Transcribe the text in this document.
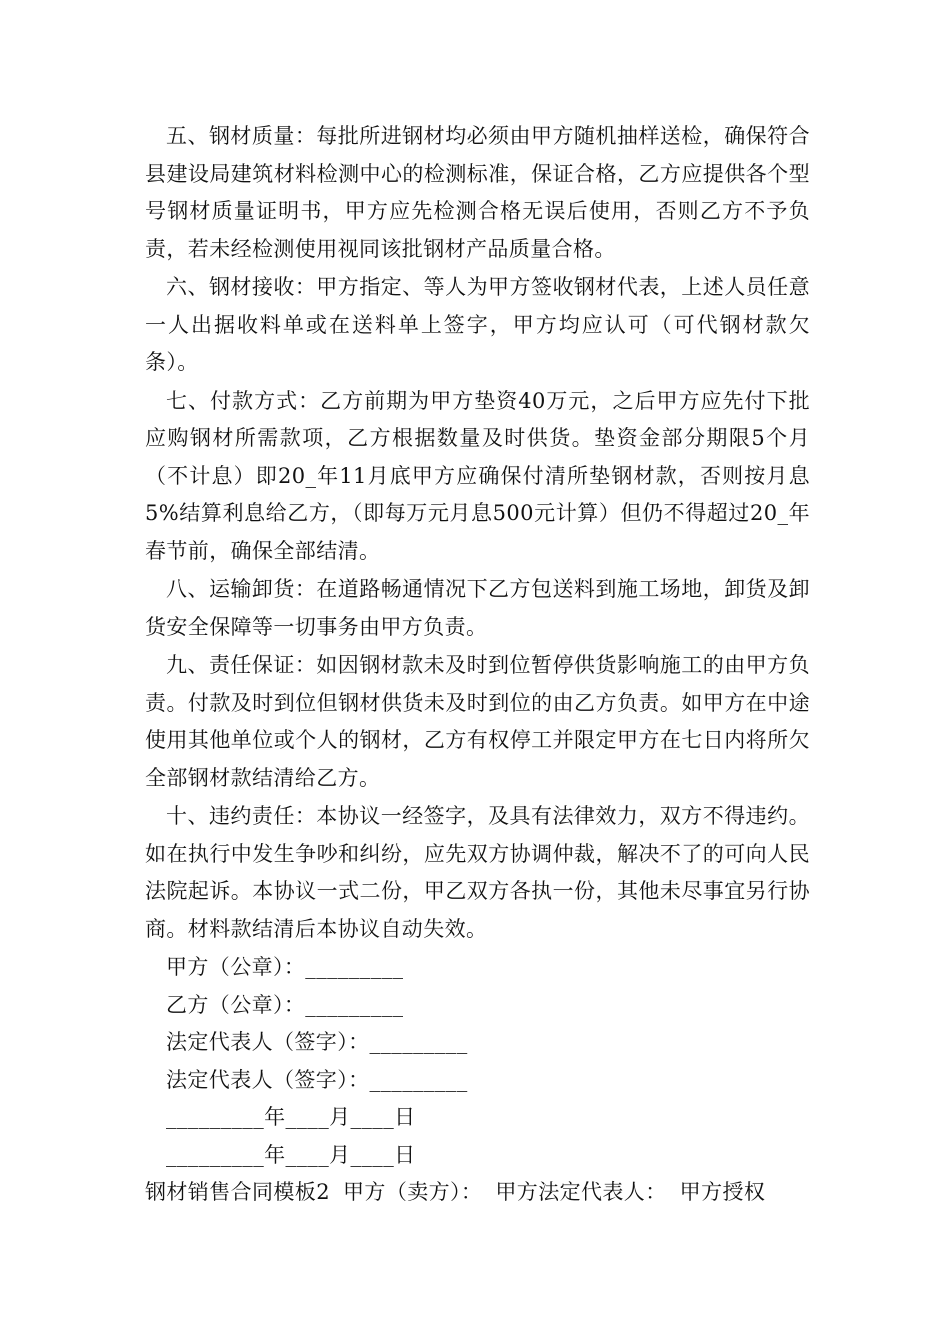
五、钢材质量：每批所进钢材均必须由甲方随机抽样送检，确保符合县建设局建筑材料检测中心的检测标准，保证合格，乙方应提供各个型号钢材质量证明书，甲方应先检测合格无误后使用，否则乙方不予负责，若未经检测使用视同该批钢材产品质量合格。

六、钢材接收：甲方指定、等人为甲方签收钢材代表，上述人员任意一人出据收料单或在送料单上签字，甲方均应认可（可代钢材款欠条）。

七、付款方式：乙方前期为甲方垫资40万元，之后甲方应先付下批应购钢材所需款项，乙方根据数量及时供货。垫资金部分期限5个月（不计息）即20_年11月底甲方应确保付清所垫钢材款，否则按月息5%结算利息给乙方，（即每万元月息500元计算）但仍不得超过20_年春节前，确保全部结清。

八、运输卸货：在道路畅通情况下乙方包送料到施工场地，卸货及卸货安全保障等一切事务由甲方负责。

九、责任保证：如因钢材款未及时到位暂停供货影响施工的由甲方负责。付款及时到位但钢材供货未及时到位的由乙方负责。如甲方在中途使用其他单位或个人的钢材，乙方有权停工并限定甲方在七日内将所欠全部钢材款结清给乙方。

十、违约责任：本协议一经签字，及具有法律效力，双方不得违约。如在执行中发生争吵和纠纷，应先双方协调仲裁，解决不了的可向人民法院起诉。本协议一式二份，甲乙双方各执一份，其他未尽事宜另行协商。材料款结清后本协议自动失效。

甲方（公章）：_________

乙方（公章）：_________

法定代表人（签字）：_________

法定代表人（签字）：_________

_________年____月____日

_________年____月____日

钢材销售合同模板2 甲方（卖方）： 甲方法定代表人： 甲方授权
